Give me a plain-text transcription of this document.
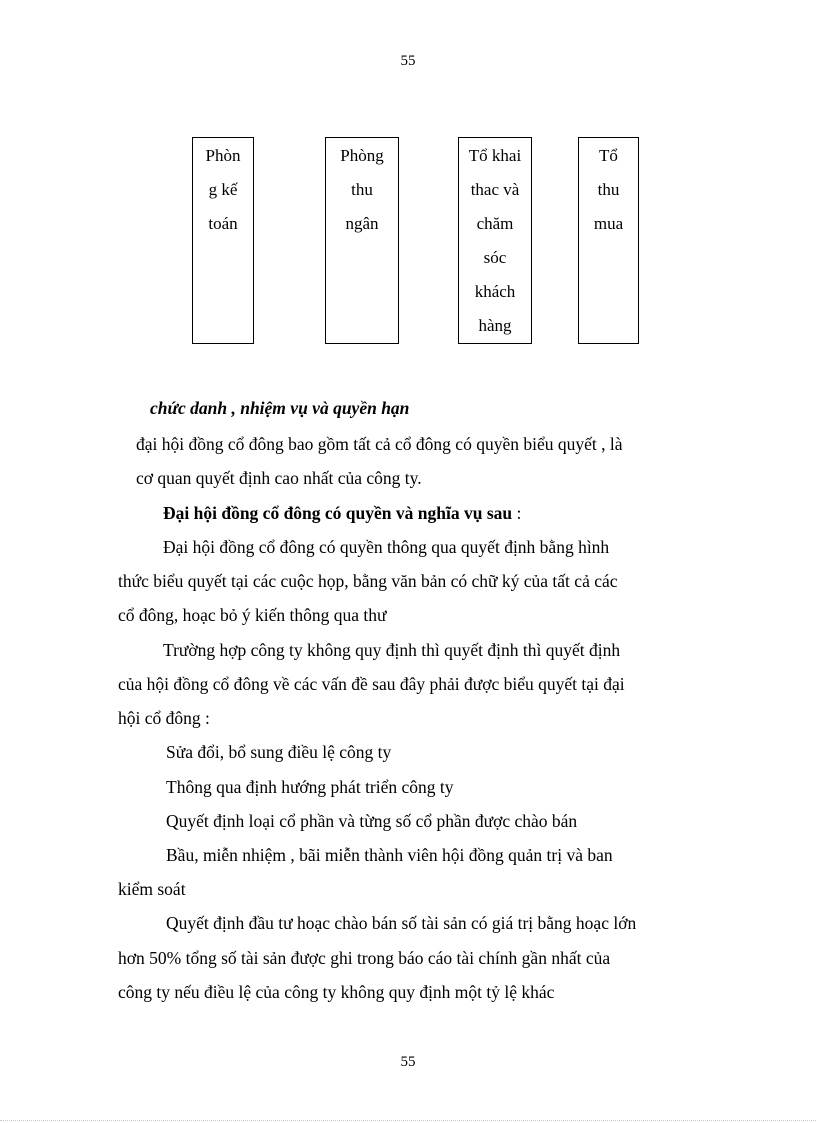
55
Phòn
g kế
toán
Phòng
thu
ngân
Tổ khai
thac và
chăm
sóc
khách
hàng
Tổ
thu
mua
chức danh , nhiệm vụ và quyền hạn
đại hội đồng cổ đông bao gồm tất cả cổ đông có quyền biểu quyết , là
cơ quan quyết định cao nhất của công ty.
Đại hội đồng cổ đông có quyền và nghĩa vụ sau :
Đại hội đồng cổ đông có quyền thông qua quyết định bằng hình
thức biểu quyết tại các cuộc họp, bằng văn bản có chữ ký của tất cả các
cổ đông, hoạc bỏ ý kiến thông qua thư
Trường hợp công ty không quy định thì quyết định thì quyết định
của hội đồng cổ đông về các vấn đề sau đây phải được biểu quyết tại đại
hội cổ đông :
Sửa đổi, bổ sung điều lệ công ty
Thông qua định hướng phát triển công ty
Quyết định loại cổ phần và từng số cổ phần được chào bán
Bầu, miễn nhiệm , bãi miễn thành viên hội đồng quản trị và ban
kiểm soát
Quyết định đầu tư hoạc chào bán số tài sản có giá trị bằng hoạc lớn
hơn 50% tổng số tài sản được ghi trong báo cáo tài chính gần nhất của
công ty nếu điều lệ của công ty không quy định một tỷ lệ khác
55
